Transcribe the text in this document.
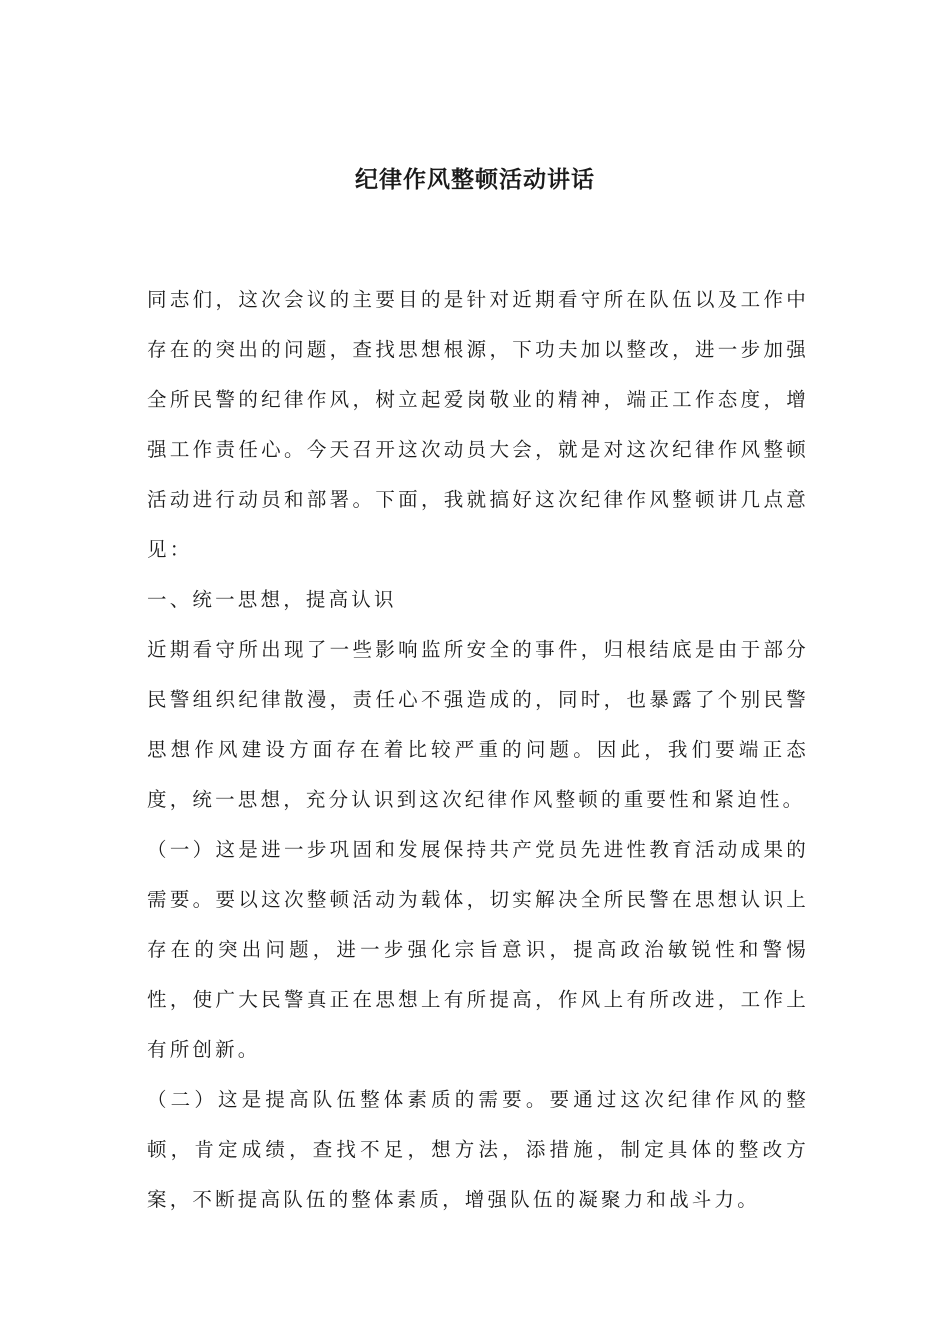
纪律作风整顿活动讲话

同志们，这次会议的主要目的是针对近期看守所在队伍以及工作中存在的突出的问题，查找思想根源，下功夫加以整改，进一步加强全所民警的纪律作风，树立起爱岗敬业的精神，端正工作态度，增强工作责任心。今天召开这次动员大会，就是对这次纪律作风整顿活动进行动员和部署。下面，我就搞好这次纪律作风整顿讲几点意见：

一、统一思想，提高认识

近期看守所出现了一些影响监所安全的事件，归根结底是由于部分民警组织纪律散漫，责任心不强造成的，同时，也暴露了个别民警思想作风建设方面存在着比较严重的问题。因此，我们要端正态度，统一思想，充分认识到这次纪律作风整顿的重要性和紧迫性。

（一）这是进一步巩固和发展保持共产党员先进性教育活动成果的需要。要以这次整顿活动为载体，切实解决全所民警在思想认识上存在的突出问题，进一步强化宗旨意识，提高政治敏锐性和警惕性，使广大民警真正在思想上有所提高，作风上有所改进，工作上有所创新。

（二）这是提高队伍整体素质的需要。要通过这次纪律作风的整顿，肯定成绩，查找不足，想方法，添措施，制定具体的整改方案，不断提高队伍的整体素质，增强队伍的凝聚力和战斗力。
